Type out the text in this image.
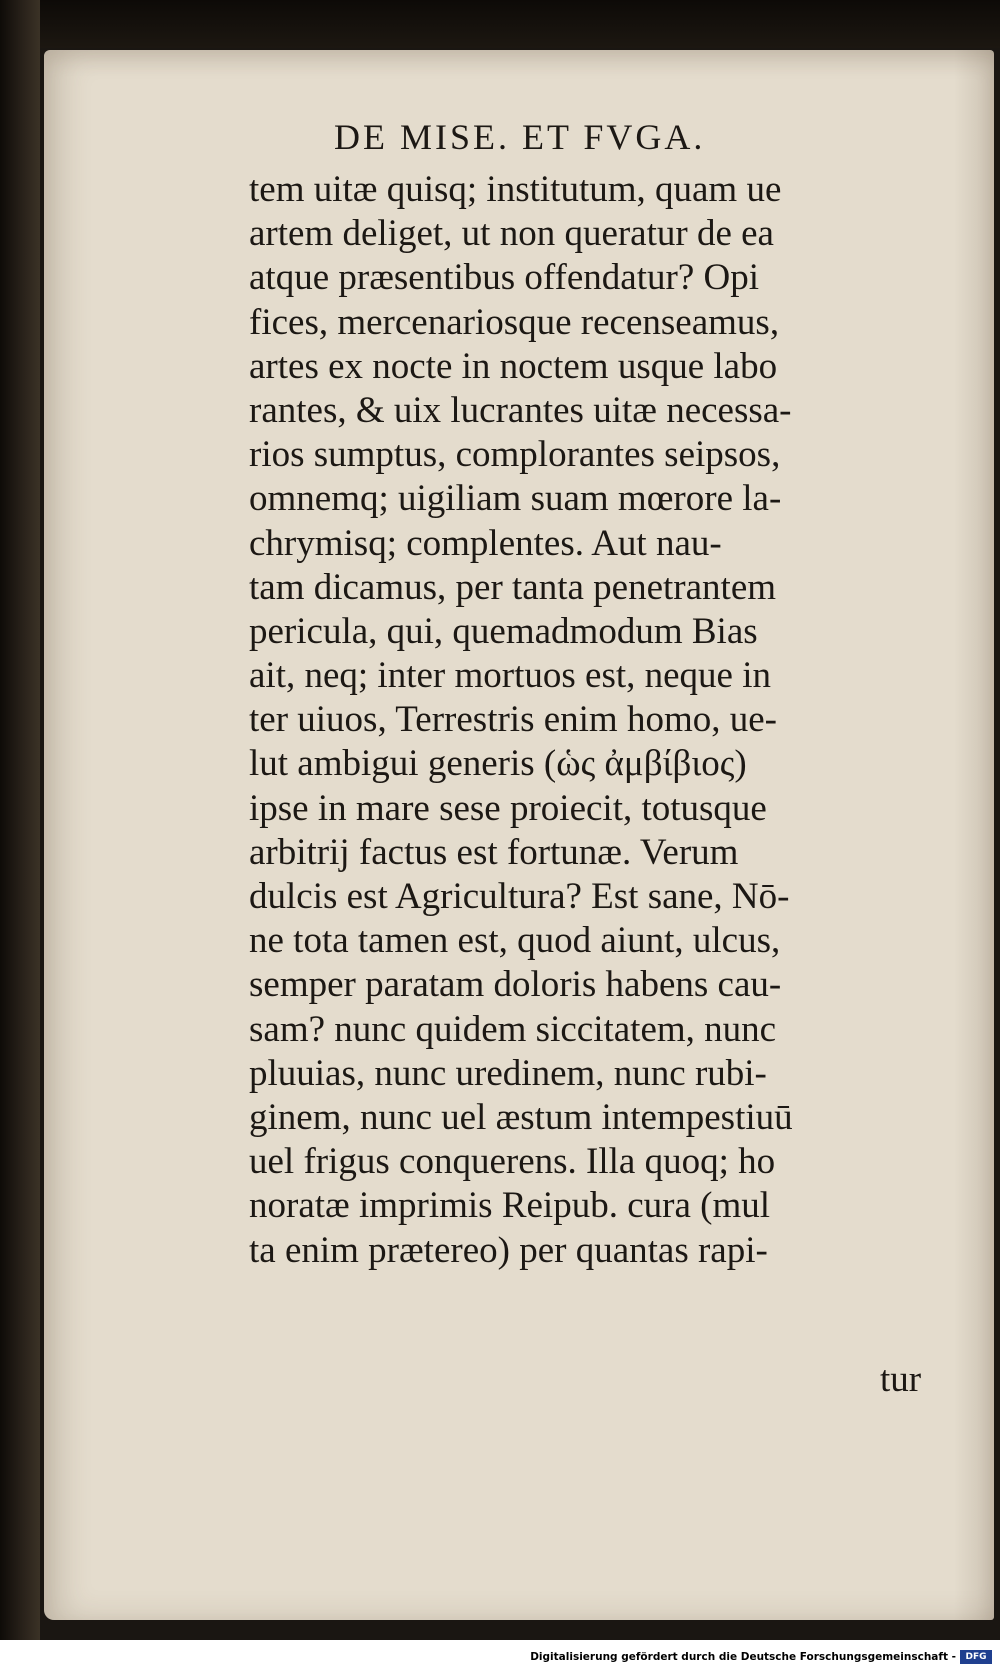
DE MISE. ET FVGA.
tem uitæ quisq; institutum, quam ue
artem deliget, ut non queratur de ea
atque præsentibus offendatur? Opi
fices, mercenariosque recenseamus,
artes ex nocte in noctem usque labo
rantes, & uix lucrantes uitæ necessa-
rios sumptus, complorantes seipsos,
omnemq; uigiliam suam mœrore la-
chrymisq; complentes. Aut nau-
tam dicamus, per tanta penetrantem
pericula, qui, quemadmodum Bias
ait, neq; inter mortuos est, neque in
ter uiuos, Terrestris enim homo, ue-
lut ambigui generis (ὡς ἀμβίβιος)
ipse in mare sese proiecit, totusque
arbitrij factus est fortunæ. Verum
dulcis est Agricultura? Est sane, Nō-
ne tota tamen est, quod aiunt, ulcus,
semper paratam doloris habens cau-
sam? nunc quidem siccitatem, nunc
pluuias, nunc uredinem, nunc rubi-
ginem, nunc uel æstum intempestiuū
uel frigus conquerens. Illa quoq; ho
noratæ imprimis Reipub. cura (mul
ta enim prætereo) per quantas rapi-
tur
Digitalisierung gefördert durch die Deutsche Forschungsgemeinschaft -	DFG
